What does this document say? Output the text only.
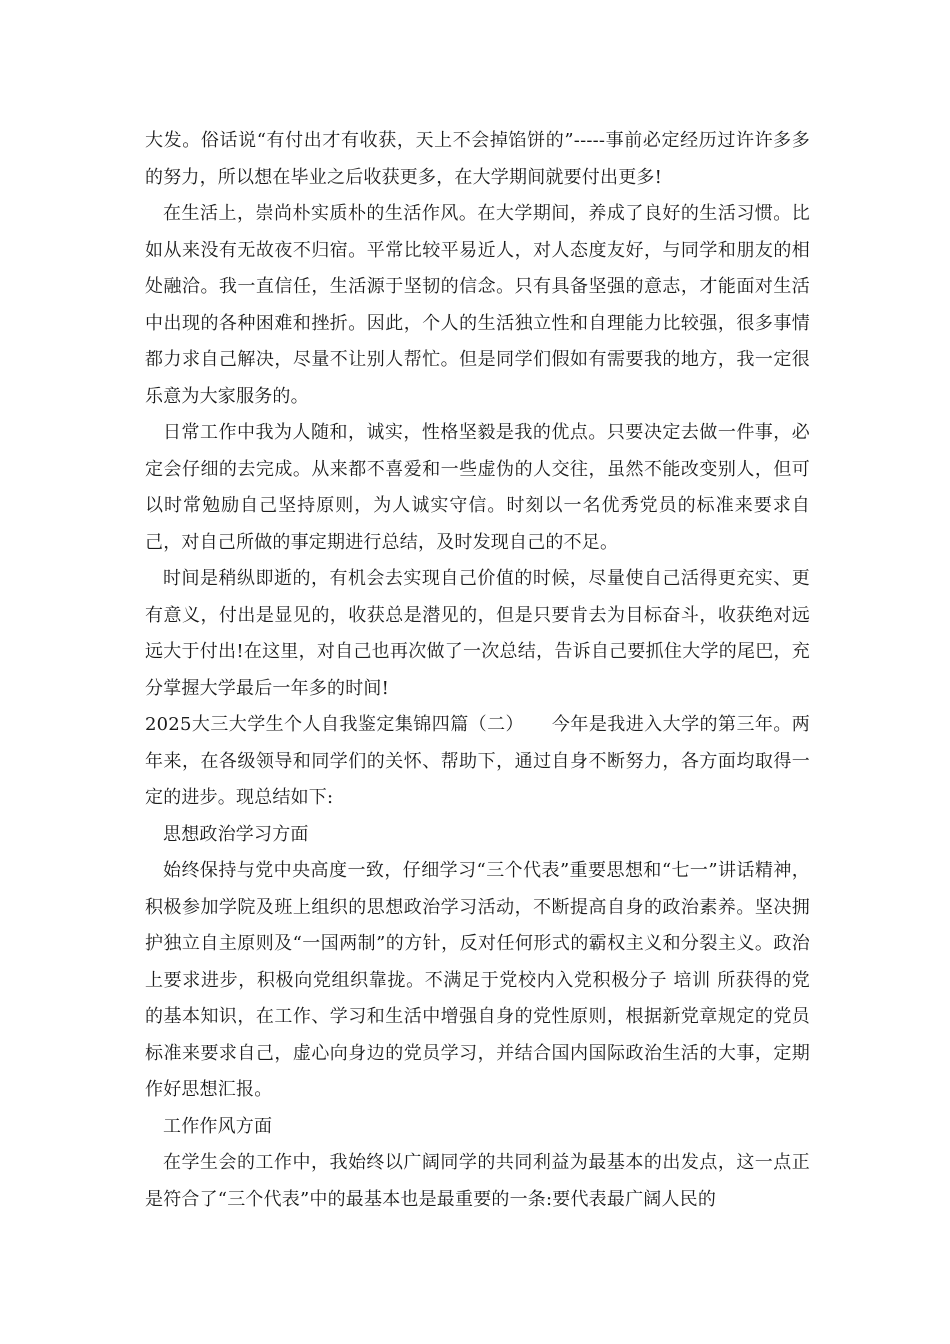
大发。俗话说“有付出才有收获，天上不会掉馅饼的”-----事前必定经历过许许多多的努力，所以想在毕业之后收获更多，在大学期间就要付出更多!

在生活上，崇尚朴实质朴的生活作风。在大学期间，养成了良好的生活习惯。比如从来没有无故夜不归宿。平常比较平易近人，对人态度友好，与同学和朋友的相处融洽。我一直信任，生活源于坚韧的信念。只有具备坚强的意志，才能面对生活中出现的各种困难和挫折。因此，个人的生活独立性和自理能力比较强，很多事情都力求自己解决，尽量不让别人帮忙。但是同学们假如有需要我的地方，我一定很乐意为大家服务的。

日常工作中我为人随和，诚实，性格坚毅是我的优点。只要决定去做一件事，必定会仔细的去完成。从来都不喜爱和一些虚伪的人交往，虽然不能改变别人，但可以时常勉励自己坚持原则，为人诚实守信。时刻以一名优秀党员的标准来要求自己，对自己所做的事定期进行总结，及时发现自己的不足。

时间是稍纵即逝的，有机会去实现自己价值的时候，尽量使自己活得更充实、更有意义，付出是显见的，收获总是潜见的，但是只要肯去为目标奋斗，收获绝对远远大于付出!在这里，对自己也再次做了一次总结，告诉自己要抓住大学的尾巴，充分掌握大学最后一年多的时间!

2025大三大学生个人自我鉴定集锦四篇（二）　　今年是我进入大学的第三年。两年来，在各级领导和同学们的关怀、帮助下，通过自身不断努力，各方面均取得一定的进步。现总结如下:

思想政治学习方面

始终保持与党中央高度一致，仔细学习“三个代表”重要思想和“七一”讲话精神，积极参加学院及班上组织的思想政治学习活动，不断提高自身的政治素养。坚决拥护独立自主原则及“一国两制”的方针，反对任何形式的霸权主义和分裂主义。政治上要求进步，积极向党组织靠拢。不满足于党校内入党积极分子 培训 所获得的党的基本知识，在工作、学习和生活中增强自身的党性原则，根据新党章规定的党员标准来要求自己，虚心向身边的党员学习，并结合国内国际政治生活的大事，定期作好思想汇报。

工作作风方面

在学生会的工作中，我始终以广阔同学的共同利益为最基本的出发点，这一点正是符合了“三个代表”中的最基本也是最重要的一条:要代表最广阔人民的
